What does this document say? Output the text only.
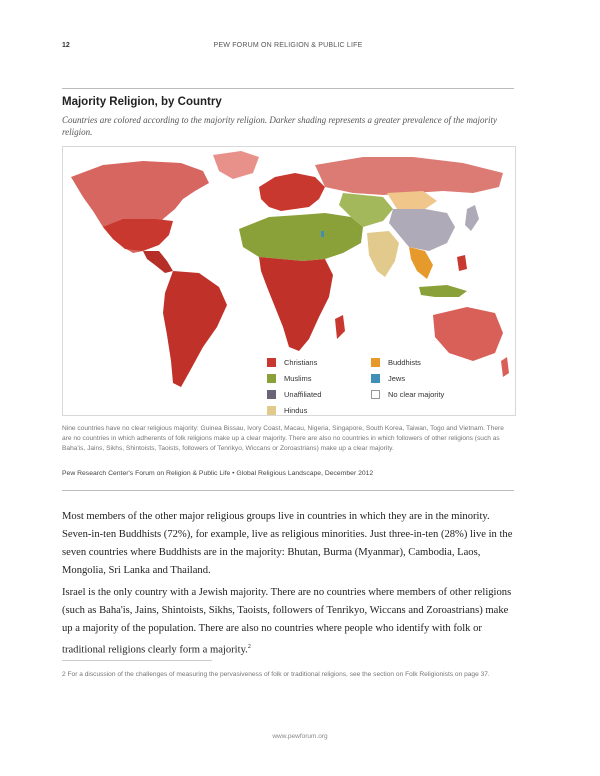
12	PEW FORUM ON RELIGION & PUBLIC LIFE
Majority Religion, by Country
Countries are colored according to the majority religion. Darker shading represents a greater prevalence of the majority religion.
Christians
Muslims
Unaffiliated
Hindus
Buddhists
Jews
No clear majority
Nine countries have no clear religious majority: Guinea Bissau, Ivory Coast, Macau, Nigeria, Singapore, South Korea, Taiwan, Togo and Vietnam. There are no countries in which adherents of folk religions make up a clear majority. There are also no countries in which followers of other religions (such as Baha'is, Jains, Sikhs, Shintoists, Taoists, followers of Tenrikyo, Wiccans or Zoroastrians) make up a clear majority.
Pew Research Center's Forum on Religion & Public Life • Global Religious Landscape, December 2012
Most members of the other major religious groups live in countries in which they are in the minority. Seven-in-ten Buddhists (72%), for example, live as religious minorities. Just three-in-ten (28%) live in the seven countries where Buddhists are in the majority: Bhutan, Burma (Myanmar), Cambodia, Laos, Mongolia, Sri Lanka and Thailand.
Israel is the only country with a Jewish majority. There are no countries where members of other religions (such as Baha'is, Jains, Shintoists, Sikhs, Taoists, followers of Tenrikyo, Wiccans and Zoroastrians) make up a majority of the population. There are also no countries where people who identify with folk or traditional religions clearly form a majority.$^2$
2 For a discussion of the challenges of measuring the pervasiveness of folk or traditional religions, see the section on Folk Religionists on page 37.
www.pewforum.org
